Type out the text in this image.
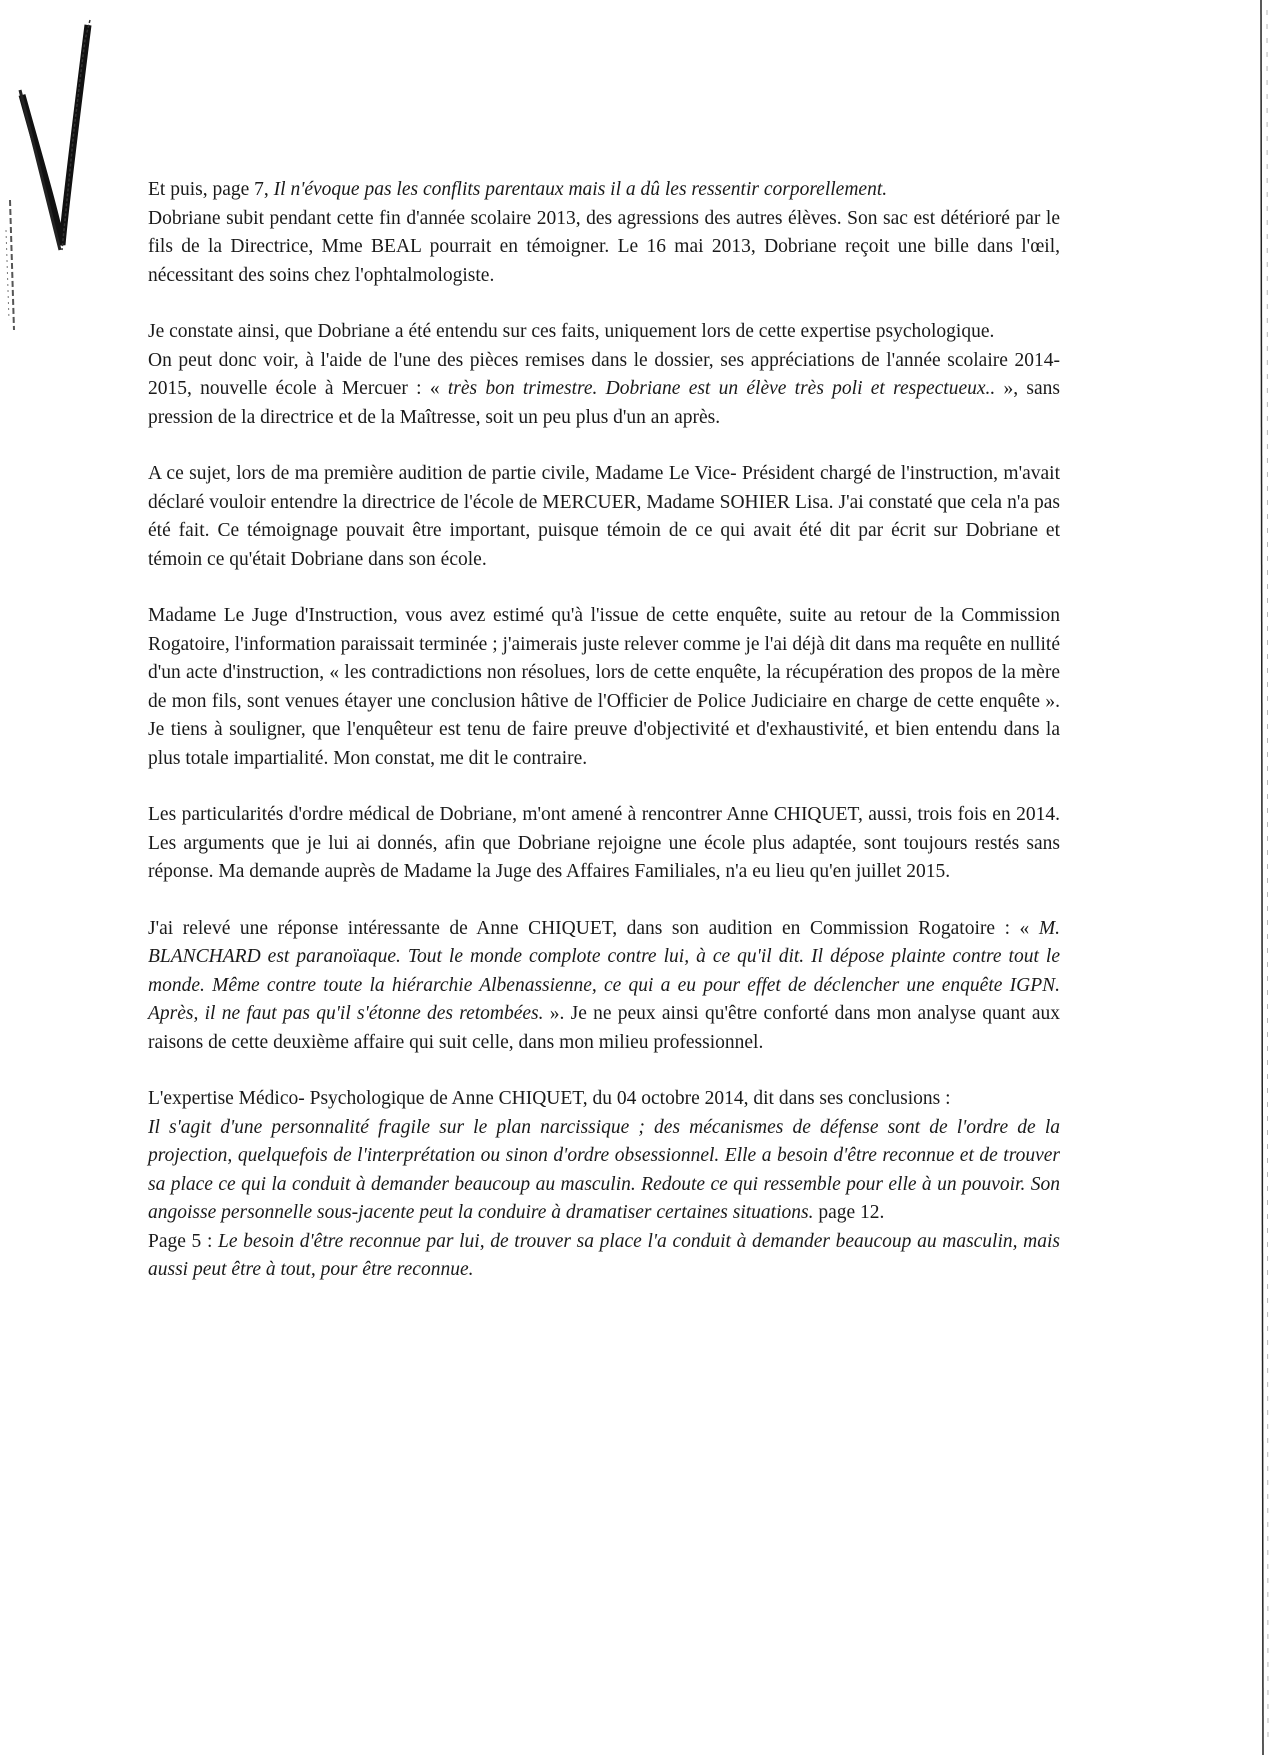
Et puis, page 7, Il n'évoque pas les conflits parentaux mais il a dû les ressentir corporellement.

Dobriane subit pendant cette fin d'année scolaire 2013, des agressions des autres élèves. Son sac est détérioré par le fils de la Directrice, Mme BEAL pourrait en témoigner. Le 16 mai 2013, Dobriane reçoit une bille dans l'œil, nécessitant des soins chez l'ophtalmologiste.

Je constate ainsi, que Dobriane a été entendu sur ces faits, uniquement lors de cette expertise psychologique.

On peut donc voir, à l'aide de l'une des pièces remises dans le dossier, ses appréciations de l'année scolaire 2014-2015, nouvelle école à Mercuer : « très bon trimestre. Dobriane est un élève très poli et respectueux.. », sans pression de la directrice et de la Maîtresse, soit un peu plus d'un an après.

A ce sujet, lors de ma première audition de partie civile, Madame Le Vice- Président chargé de l'instruction, m'avait déclaré vouloir entendre la directrice de l'école de MERCUER, Madame SOHIER Lisa. J'ai constaté que cela n'a pas été fait. Ce témoignage pouvait être important, puisque témoin de ce qui avait été dit par écrit sur Dobriane et témoin ce qu'était Dobriane dans son école.

Madame Le Juge d'Instruction, vous avez estimé qu'à l'issue de cette enquête, suite au retour de la Commission Rogatoire, l'information paraissait terminée ; j'aimerais juste relever comme je l'ai déjà dit dans ma requête en nullité d'un acte d'instruction, « les contradictions non résolues, lors de cette enquête, la récupération des propos de la mère de mon fils, sont venues étayer une conclusion hâtive de l'Officier de Police Judiciaire en charge de cette enquête ». Je tiens à souligner, que l'enquêteur est tenu de faire preuve d'objectivité et d'exhaustivité, et bien entendu dans la plus totale impartialité. Mon constat, me dit le contraire.

Les particularités d'ordre médical de Dobriane, m'ont amené à rencontrer Anne CHIQUET, aussi, trois fois en 2014. Les arguments que je lui ai donnés, afin que Dobriane rejoigne une école plus adaptée, sont toujours restés sans réponse. Ma demande auprès de Madame la Juge des Affaires Familiales, n'a eu lieu qu'en juillet 2015.

J'ai relevé une réponse intéressante de Anne CHIQUET, dans son audition en Commission Rogatoire : « M. BLANCHARD est paranoïaque. Tout le monde complote contre lui, à ce qu'il dit. Il dépose plainte contre tout le monde. Même contre toute la hiérarchie Albenassienne, ce qui a eu pour effet de déclencher une enquête IGPN. Après, il ne faut pas qu'il s'étonne des retombées. ». Je ne peux ainsi qu'être conforté dans mon analyse quant aux raisons de cette deuxième affaire qui suit celle, dans mon milieu professionnel.

L'expertise Médico- Psychologique de Anne CHIQUET, du 04 octobre 2014, dit dans ses conclusions :

Il s'agit d'une personnalité fragile sur le plan narcissique ; des mécanismes de défense sont de l'ordre de la projection, quelquefois de l'interprétation ou sinon d'ordre obsessionnel. Elle a besoin d'être reconnue et de trouver sa place ce qui la conduit à demander beaucoup au masculin. Redoute ce qui ressemble pour elle à un pouvoir. Son angoisse personnelle sous-jacente peut la conduire à dramatiser certaines situations. page 12.

Page 5 : Le besoin d'être reconnue par lui, de trouver sa place l'a conduit à demander beaucoup au masculin, mais aussi peut être à tout, pour être reconnue.
